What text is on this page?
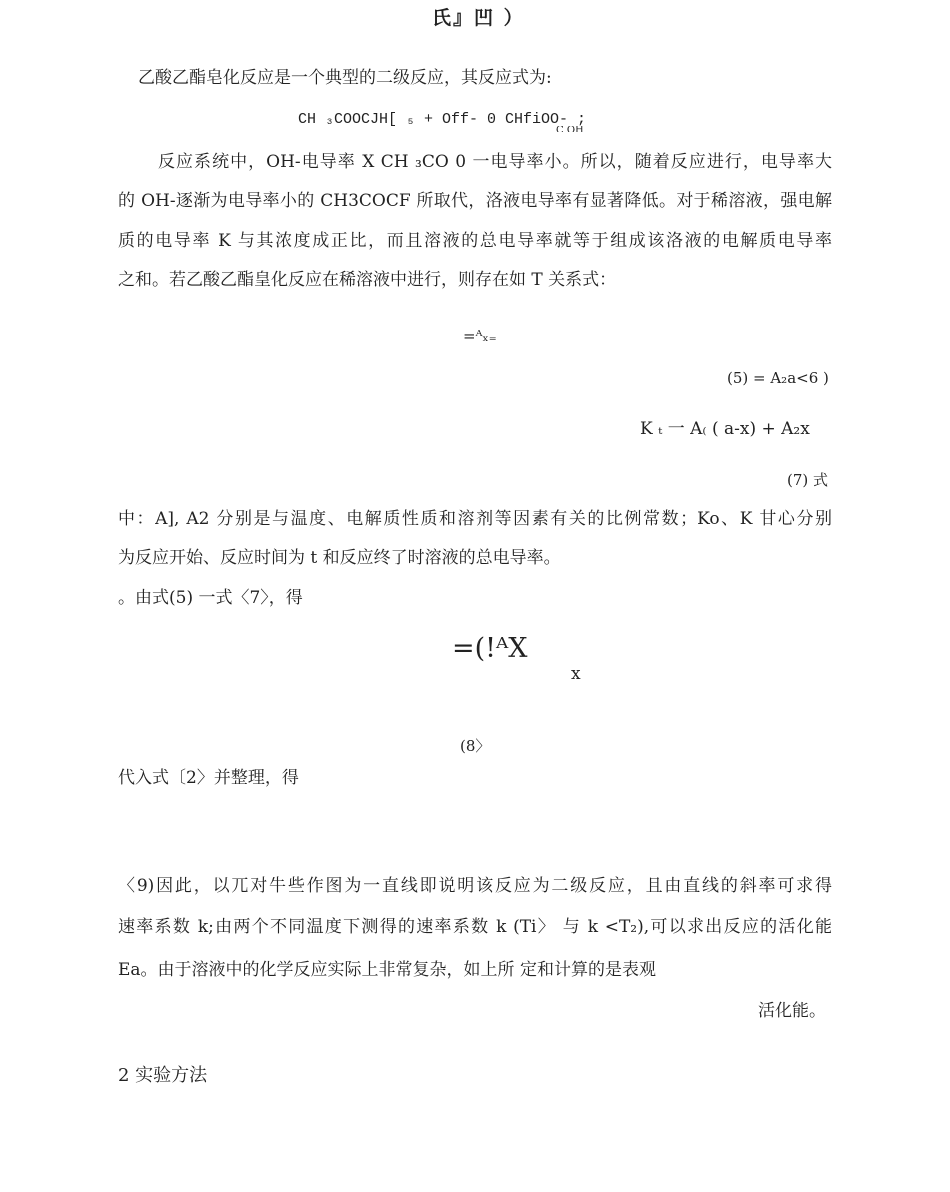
氏』凹 ）
乙酸乙酯皂化反应是一个典型的二级反应，其反应式为:
CH ₃COOCJH[ ₅ + Off- 0 CHfiOO- ;
C OH
反应系统中，OH-电导率 X CH ₃CO 0 一电导率小。所以，随着反应进行，电导率大
的 OH-逐渐为电导率小的 CH3COCF 所取代，洛液电导率有显著降低。对于稀溶液，强电解
质的电导率 K 与其浓度成正比，而且溶液的总电导率就等于组成该洛液的电解质电导率
之和。若乙酸乙酯皇化反应在稀溶液中进行，则存在如 T 关系式：
=ᴬₓ₌
(5) = A₂a<6 )
K ₜ 一 A₍ ( a-x) + A₂x
(7) 式
中：A], A2 分别是与温度、电解质性质和溶剂等因素有关的比例常数；Ko、K 甘心分别
为反应开始、反应时间为 t 和反应终了时溶液的总电导率。
。由式(5) 一式〈7〉，得
=(!ᴬX
x
(8〉
代入式〔2〉并整理，得
〈9)因此，以兀对牛些作图为一直线即说明该反应为二级反应，且由直线的斜率可求得
速率系数 k;由两个不同温度下测得的速率系数 k (Ti〉 与 k <T₂),可以求出反应的活化能
Ea。由于溶液中的化学反应实际上非常复杂，如上所 定和计算的是表观
活化能。
2 实验方法
